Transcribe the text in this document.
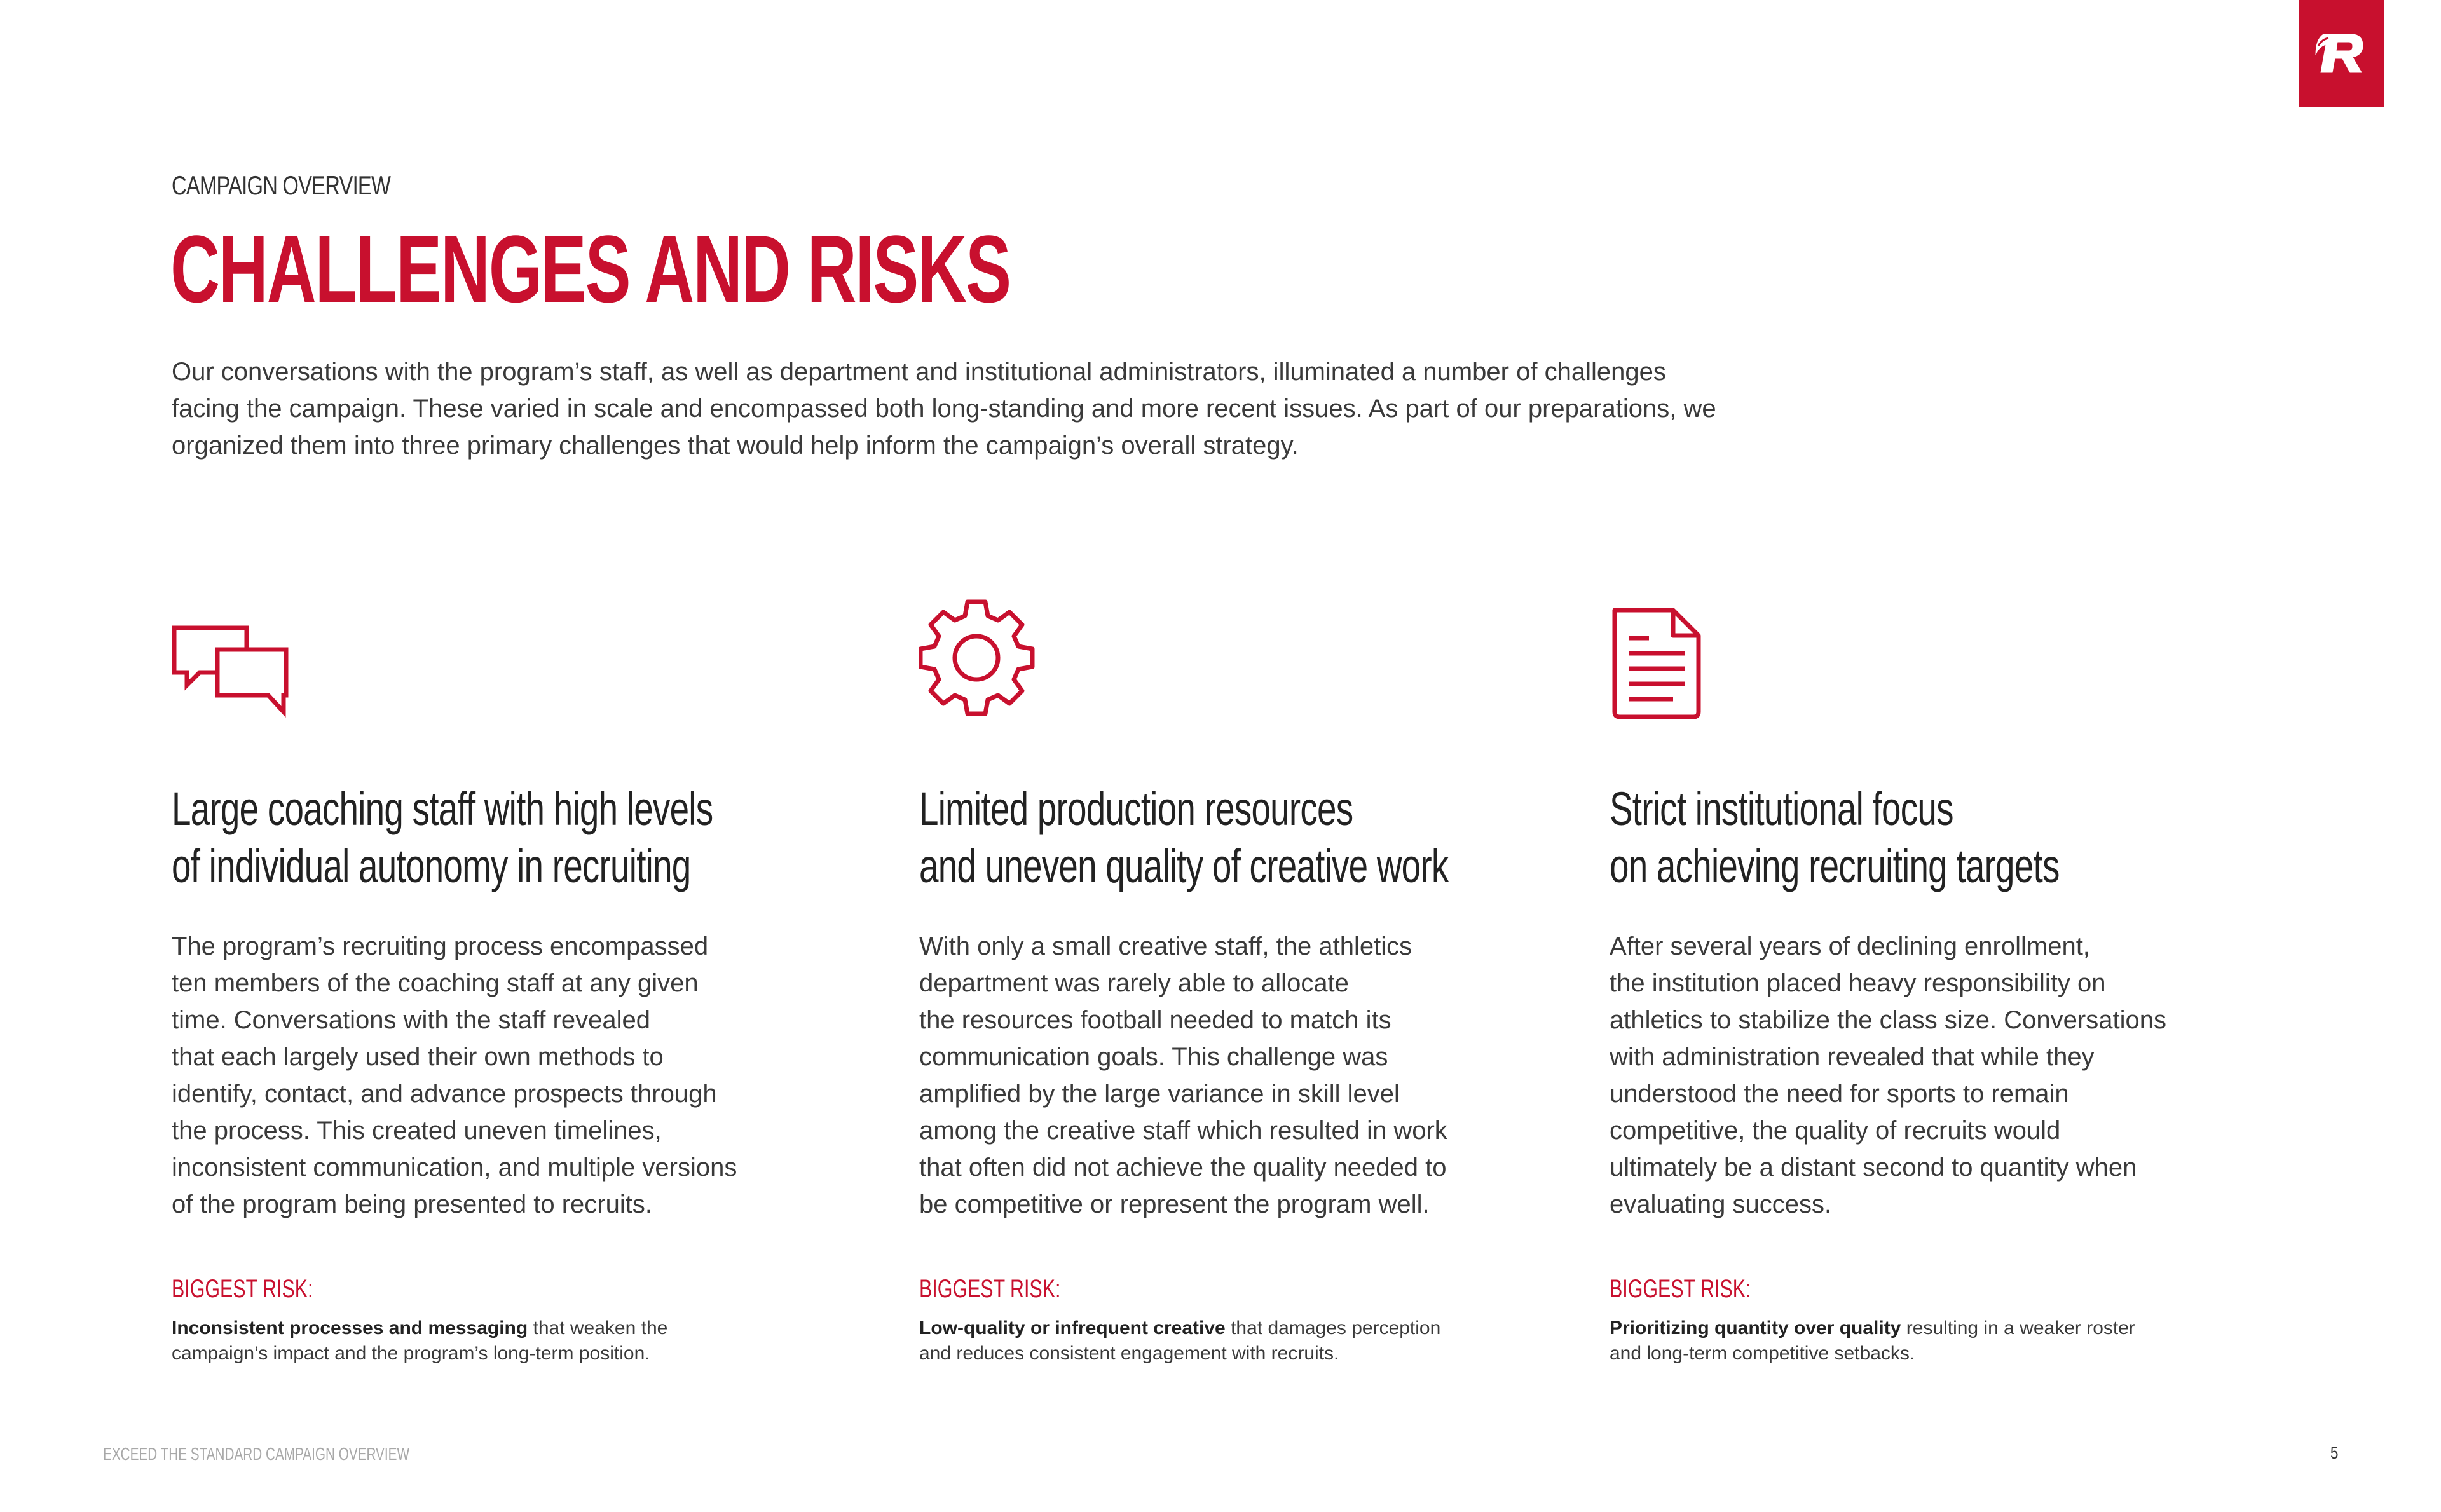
CAMPAIGN OVERVIEW
CHALLENGES AND RISKS
Our conversations with the program’s staff, as well as department and institutional administrators, illuminated a number of challenges
facing the campaign. These varied in scale and encompassed both long-standing and more recent issues. As part of our preparations, we
organized them into three primary challenges that would help inform the campaign’s overall strategy.
Large coaching staff with high levels
of individual autonomy in recruiting
The program’s recruiting process encompassed
ten members of the coaching staff at any given
time. Conversations with the staff revealed
that each largely used their own methods to
identify, contact, and advance prospects through
the process. This created uneven timelines,
inconsistent communication, and multiple versions
of the program being presented to recruits.
BIGGEST RISK:
Inconsistent processes and messaging that weaken the
campaign’s impact and the program’s long-term position.
Limited production resources
and uneven quality of creative work
With only a small creative staff, the athletics
department was rarely able to allocate
the resources football needed to match its
communication goals. This challenge was
amplified by the large variance in skill level
among the creative staff which resulted in work
that often did not achieve the quality needed to
be competitive or represent the program well.
BIGGEST RISK:
Low-quality or infrequent creative that damages perception
and reduces consistent engagement with recruits.
Strict institutional focus
on achieving recruiting targets
After several years of declining enrollment,
the institution placed heavy responsibility on
athletics to stabilize the class size. Conversations
with administration revealed that while they
understood the need for sports to remain
competitive, the quality of recruits would
ultimately be a distant second to quantity when
evaluating success.
BIGGEST RISK:
Prioritizing quantity over quality resulting in a weaker roster
and long-term competitive setbacks.
EXCEED THE STANDARD CAMPAIGN OVERVIEW	5
